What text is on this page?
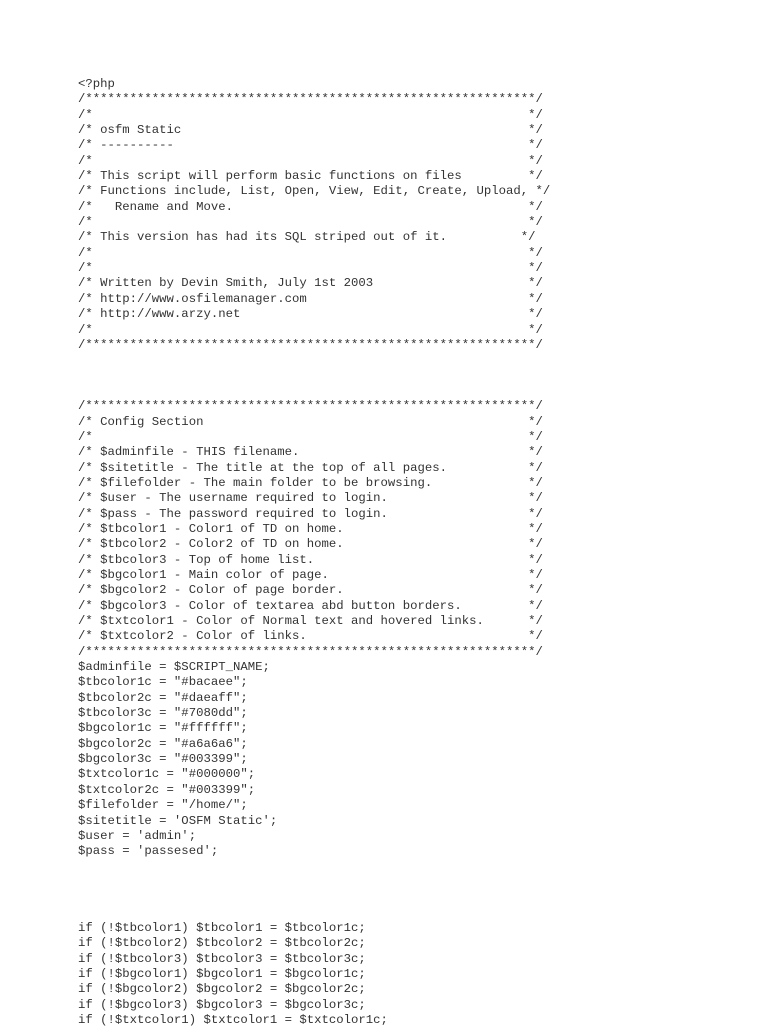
<?php
/*************************************************************/
/*                                                           */
/* osfm Static                                               */
/* ----------                                                */
/*                                                           */
/* This script will perform basic functions on files         */
/* Functions include, List, Open, View, Edit, Create, Upload, */
/*   Rename and Move.                                        */
/*                                                           */
/* This version has had its SQL striped out of it.          */
/*                                                           */
/*                                                           */
/* Written by Devin Smith, July 1st 2003                     */
/* http://www.osfilemanager.com                              */
/* http://www.arzy.net                                       */
/*                                                           */
/*************************************************************/
/*************************************************************/
/* Config Section                                            */
/*                                                           */
/* $adminfile - THIS filename.                               */
/* $sitetitle - The title at the top of all pages.           */
/* $filefolder - The main folder to be browsing.             */
/* $user - The username required to login.                   */
/* $pass - The password required to login.                   */
/* $tbcolor1 - Color1 of TD on home.                         */
/* $tbcolor2 - Color2 of TD on home.                         */
/* $tbcolor3 - Top of home list.                             */
/* $bgcolor1 - Main color of page.                           */
/* $bgcolor2 - Color of page border.                         */
/* $bgcolor3 - Color of textarea abd button borders.         */
/* $txtcolor1 - Color of Normal text and hovered links.      */
/* $txtcolor2 - Color of links.                              */
/*************************************************************/
$adminfile = $SCRIPT_NAME;
$tbcolor1c = "#bacaee";
$tbcolor2c = "#daeaff";
$tbcolor3c = "#7080dd";
$bgcolor1c = "#ffffff";
$bgcolor2c = "#a6a6a6";
$bgcolor3c = "#003399";
$txtcolor1c = "#000000";
$txtcolor2c = "#003399";
$filefolder = "/home/";
$sitetitle = 'OSFM Static';
$user = 'admin';
$pass = 'passesed';
if (!$tbcolor1) $tbcolor1 = $tbcolor1c;
if (!$tbcolor2) $tbcolor2 = $tbcolor2c;
if (!$tbcolor3) $tbcolor3 = $tbcolor3c;
if (!$bgcolor1) $bgcolor1 = $bgcolor1c;
if (!$bgcolor2) $bgcolor2 = $bgcolor2c;
if (!$bgcolor3) $bgcolor3 = $bgcolor3c;
if (!$txtcolor1) $txtcolor1 = $txtcolor1c;
